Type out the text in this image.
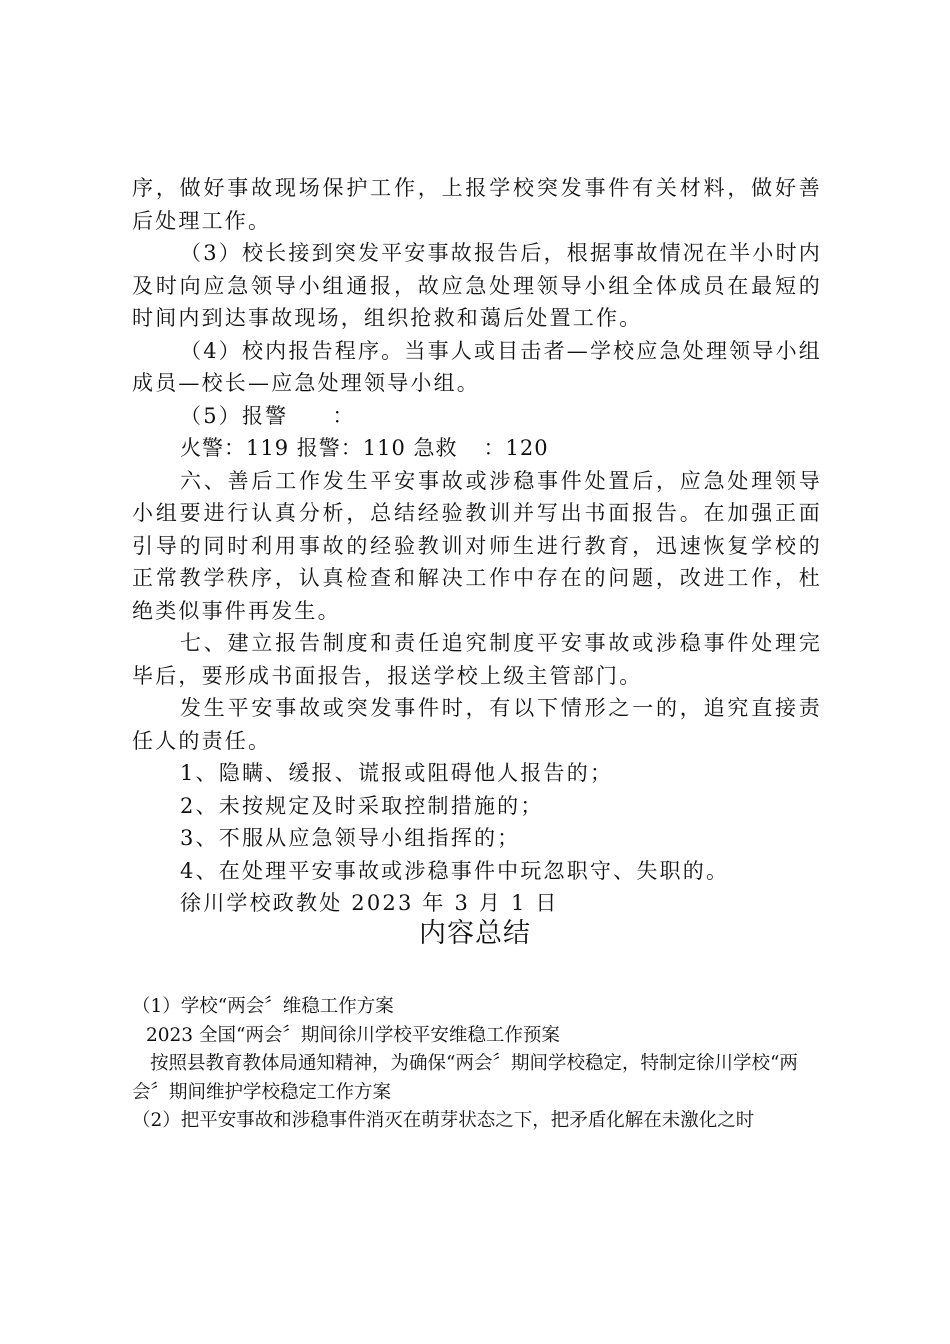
序，做好事故现场保护工作，上报学校突发事件有关材料，做好善后处理工作。

（3）校长接到突发平安事故报告后，根据事故情况在半小时内及时向应急领导小组通报，故应急处理领导小组全体成员在最短的时间内到达事故现场，组织抢救和蔼后处置工作。

（4）校内报告程序。当事人或目击者—学校应急处理领导小组成员—校长—应急处理领导小组。

（5）报警 ：

火警：119 报警：110 急救 ：120

六、善后工作发生平安事故或涉稳事件处置后，应急处理领导小组要进行认真分析，总结经验教训并写出书面报告。在加强正面引导的同时利用事故的经验教训对师生进行教育，迅速恢复学校的正常教学秩序，认真检查和解决工作中存在的问题，改进工作，杜绝类似事件再发生。

七、建立报告制度和责任追究制度平安事故或涉稳事件处理完毕后，要形成书面报告，报送学校上级主管部门。

发生平安事故或突发事件时，有以下情形之一的，追究直接责任人的责任。

1、隐瞒、缓报、谎报或阻碍他人报告的；

2、未按规定及时采取控制措施的；

3、不服从应急领导小组指挥的；

4、在处理平安事故或涉稳事件中玩忽职守、失职的。

徐川学校政教处 2023 年 3 月 1 日

内容总结

（1）学校“两会〞维稳工作方案

2023 全国“两会〞期间徐川学校平安维稳工作预案

按照县教育教体局通知精神，为确保“两会〞期间学校稳定，特制定徐川学校“两会〞期间维护学校稳定工作方案

（2）把平安事故和涉稳事件消灭在萌芽状态之下，把矛盾化解在未激化之时
